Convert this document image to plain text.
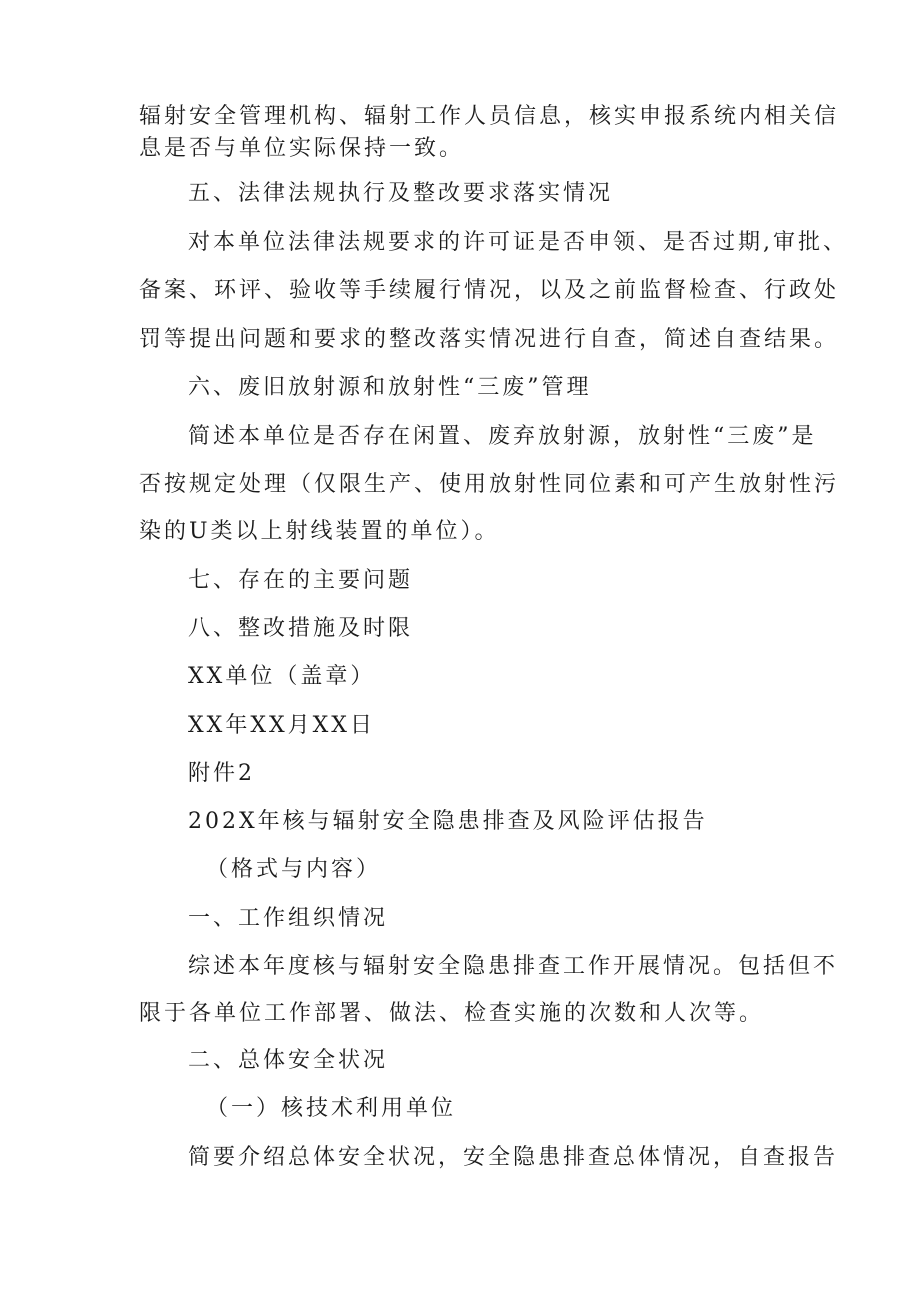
辐射安全管理机构、辐射工作人员信息，核实申报系统内相关信
息是否与单位实际保持一致。
五、法律法规执行及整改要求落实情况
对本单位法律法规要求的许可证是否申领、是否过期,审批、
备案、环评、验收等手续履行情况，以及之前监督检查、行政处
罚等提出问题和要求的整改落实情况进行自查，简述自查结果。
六、废旧放射源和放射性“三废”管理
简述本单位是否存在闲置、废弃放射源，放射性“三废”是
否按规定处理（仅限生产、使用放射性同位素和可产生放射性污
染的U类以上射线装置的单位）。
七、存在的主要问题
八、整改措施及时限
XX单位（盖章）
XX年XX月XX日
附件2
202X年核与辐射安全隐患排查及风险评估报告
（格式与内容）
一、工作组织情况
综述本年度核与辐射安全隐患排查工作开展情况。包括但不
限于各单位工作部署、做法、检查实施的次数和人次等。
二、总体安全状况
（一）核技术利用单位
简要介绍总体安全状况，安全隐患排查总体情况，自查报告
